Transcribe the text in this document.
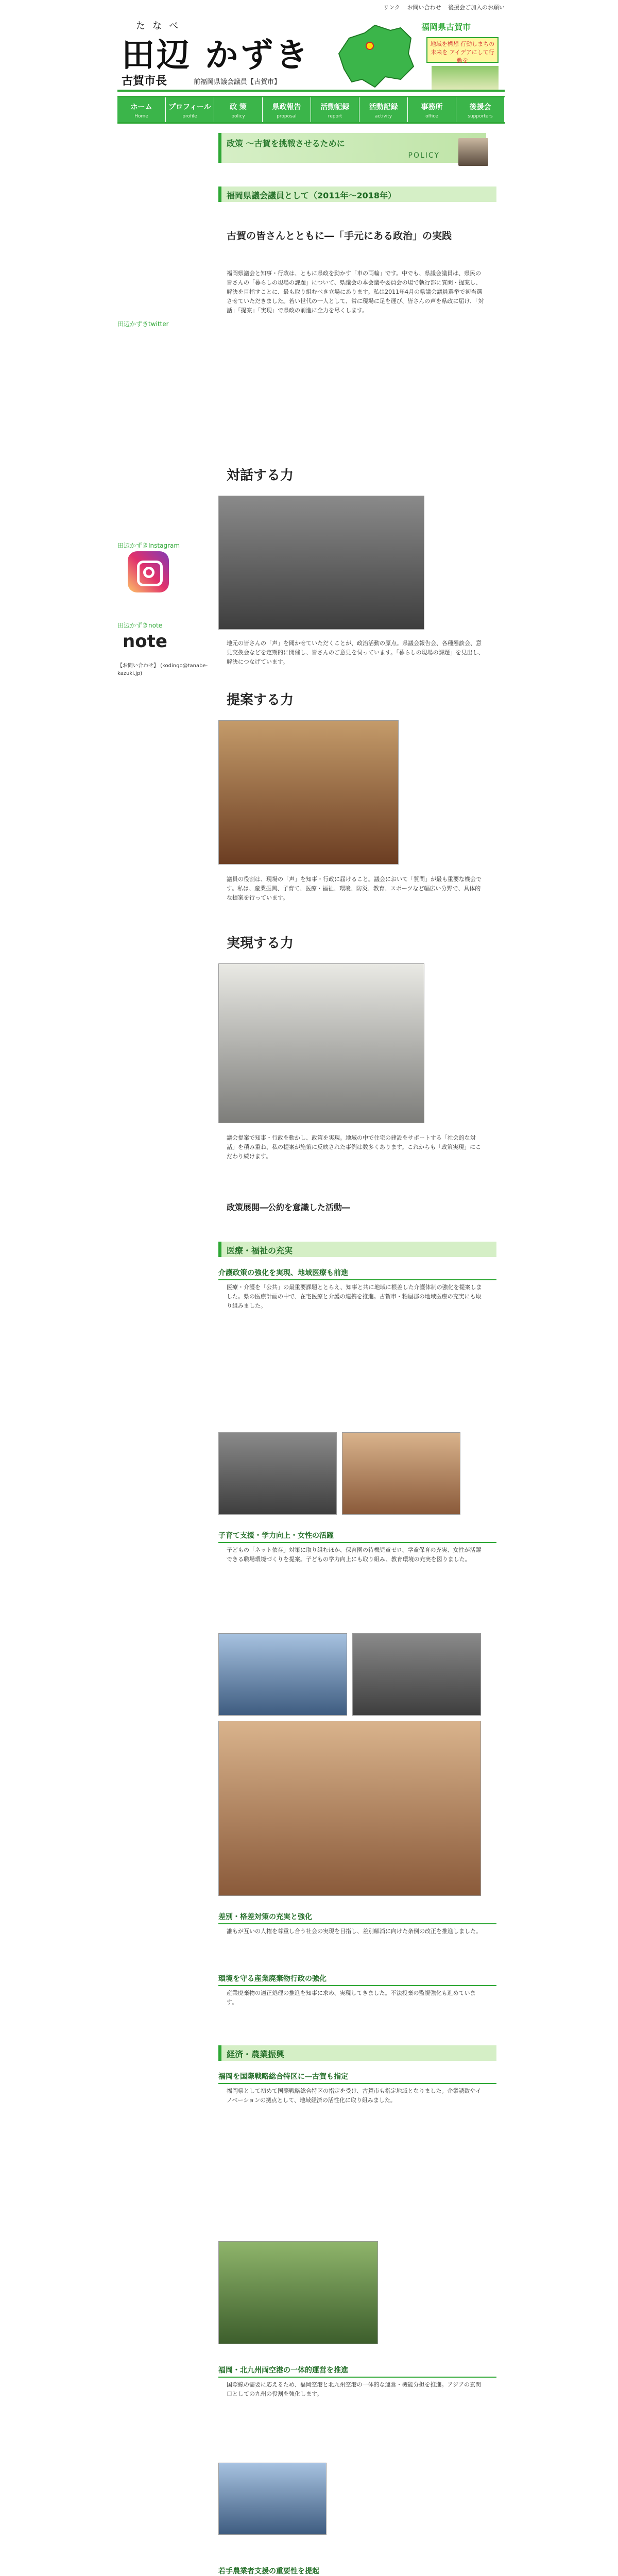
リンク お問い合わせ 後援会ご加入のお願い
たなべ
田辺 かずき
古賀市長	前福岡県議会議員【古賀市】
福岡県古賀市
地域を構想 行動しまちの未来を アイデアにして行動を
ホーム
Home
プロフィール
profile
政 策
policy
県政報告
proposal
活動記録
report
活動記録
activity
事務所
office
後援会
supporters
田辺かずきtwitter
田辺かずきInstagram
田辺かずきnote
note
【お問い合わせ】 (kodingo@tanabe-kazuki.jp)
政策 ～古賀を挑戦させるために
POLICY
福岡県議会議員として（2011年～2018年）
古賀の皆さんとともに―「手元にある政治」の実践
福岡県議会と知事・行政は、ともに県政を動かす「車の両輪」です。中でも、県議会議員は、県民の皆さんの「暮らしの現場の課題」について、県議会の本会議や委員会の場で執行部に質問・提案し、解決を目指すことに、最も取り組むべき立場にあります。私は2011年4月の県議会議員選挙で初当選させていただきました。若い世代の一人として、常に現場に足を運び、皆さんの声を県政に届け、「対話」「提案」「実現」で県政の前進に全力を尽くします。
対話する力
地元の皆さんの「声」を聞かせていただくことが、政治活動の原点。県議会報告会、各種懇談会、意見交換会などを定期的に開催し、皆さんのご意見を伺っています。「暮らしの現場の課題」を見出し、解決につなげています。
提案する力
議員の役割は、現場の「声」を知事・行政に届けること。議会において「質問」が最も重要な機会です。私は、産業振興、子育て、医療・福祉、環境、防災、教育、スポーツなど幅広い分野で、具体的な提案を行っています。
実現する力
議会提案で知事・行政を動かし、政策を実現。地域の中で住宅の建設をサポートする「社会的な対話」を積み重ね、私の提案が施策に反映された事例は数多くあります。これからも「政策実現」にこだわり続けます。
政策展開―公約を意識した活動―
医療・福祉の充実
介護政策の強化を実現、地域医療も前進
医療・介護を「公共」の最重要課題ととらえ、知事と共に地域に根差した介護体制の強化を提案しました。県の医療計画の中で、在宅医療と介護の連携を推進。古賀市・粕屋郡の地域医療の充実にも取り組みました。
子育て支援・学力向上・女性の活躍
子どもの「ネット依存」対策に取り組むほか、保育園の待機児童ゼロ、学童保育の充実、女性が活躍できる職場環境づくりを提案。子どもの学力向上にも取り組み、教育環境の充実を図りました。
差別・格差対策の充実と強化
誰もが互いの人権を尊重し合う社会の実現を目指し、差別解消に向けた条例の改正を推進しました。
環境を守る産業廃棄物行政の強化
産業廃棄物の適正処理の推進を知事に求め、実現してきました。不法投棄の監視強化も進めています。
経済・農業振興
福岡を国際戦略総合特区に―古賀も指定
福岡県として初めて国際戦略総合特区の指定を受け、古賀市も指定地域となりました。企業誘致やイノベーションの拠点として、地域経済の活性化に取り組みました。
福岡・北九州両空港の一体的運営を推進
国際線の需要に応えるため、福岡空港と北九州空港の一体的な運営・機能分担を推進。アジアの玄関口としての九州の役割を強化します。
若手農業者支援の重要性を提起
